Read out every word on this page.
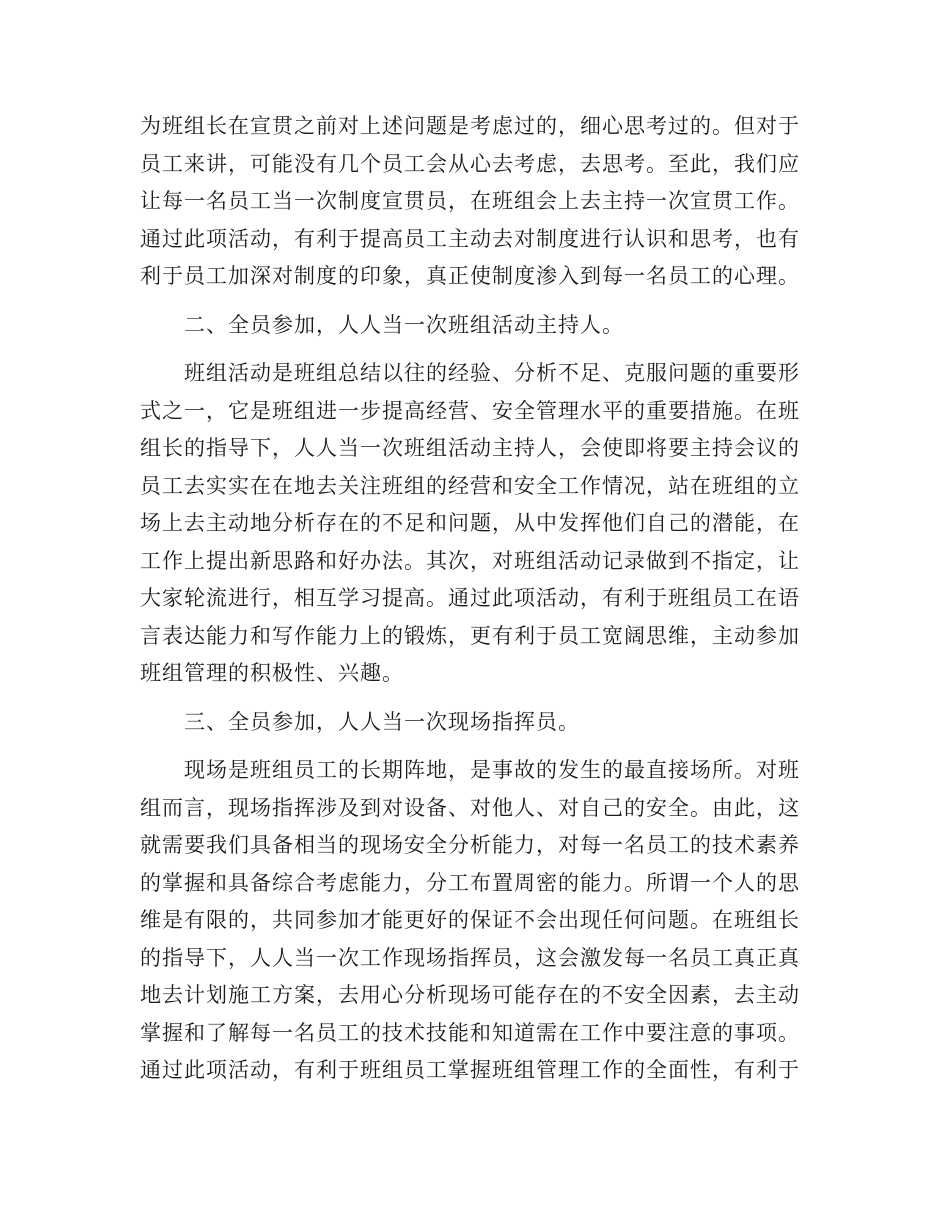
为班组长在宣贯之前对上述问题是考虑过的，细心思考过的。但对于员工来讲，可能没有几个员工会从心去考虑，去思考。至此，我们应让每一名员工当一次制度宣贯员，在班组会上去主持一次宣贯工作。通过此项活动，有利于提高员工主动去对制度进行认识和思考，也有利于员工加深对制度的印象，真正使制度渗入到每一名员工的心理。

二、全员参加，人人当一次班组活动主持人。

班组活动是班组总结以往的经验、分析不足、克服问题的重要形式之一，它是班组进一步提高经营、安全管理水平的重要措施。在班组长的指导下，人人当一次班组活动主持人，会使即将要主持会议的员工去实实在在地去关注班组的经营和安全工作情况，站在班组的立场上去主动地分析存在的不足和问题，从中发挥他们自己的潜能，在工作上提出新思路和好办法。其次，对班组活动记录做到不指定，让大家轮流进行，相互学习提高。通过此项活动，有利于班组员工在语言表达能力和写作能力上的锻炼，更有利于员工宽阔思维，主动参加班组管理的积极性、兴趣。

三、全员参加，人人当一次现场指挥员。

现场是班组员工的长期阵地，是事故的发生的最直接场所。对班组而言，现场指挥涉及到对设备、对他人、对自己的安全。由此，这就需要我们具备相当的现场安全分析能力，对每一名员工的技术素养的掌握和具备综合考虑能力，分工布置周密的能力。所谓一个人的思维是有限的，共同参加才能更好的保证不会出现任何问题。在班组长的指导下，人人当一次工作现场指挥员，这会激发每一名员工真正真地去计划施工方案，去用心分析现场可能存在的不安全因素，去主动掌握和了解每一名员工的技术技能和知道需在工作中要注意的事项。通过此项活动，有利于班组员工掌握班组管理工作的全面性，有利于
